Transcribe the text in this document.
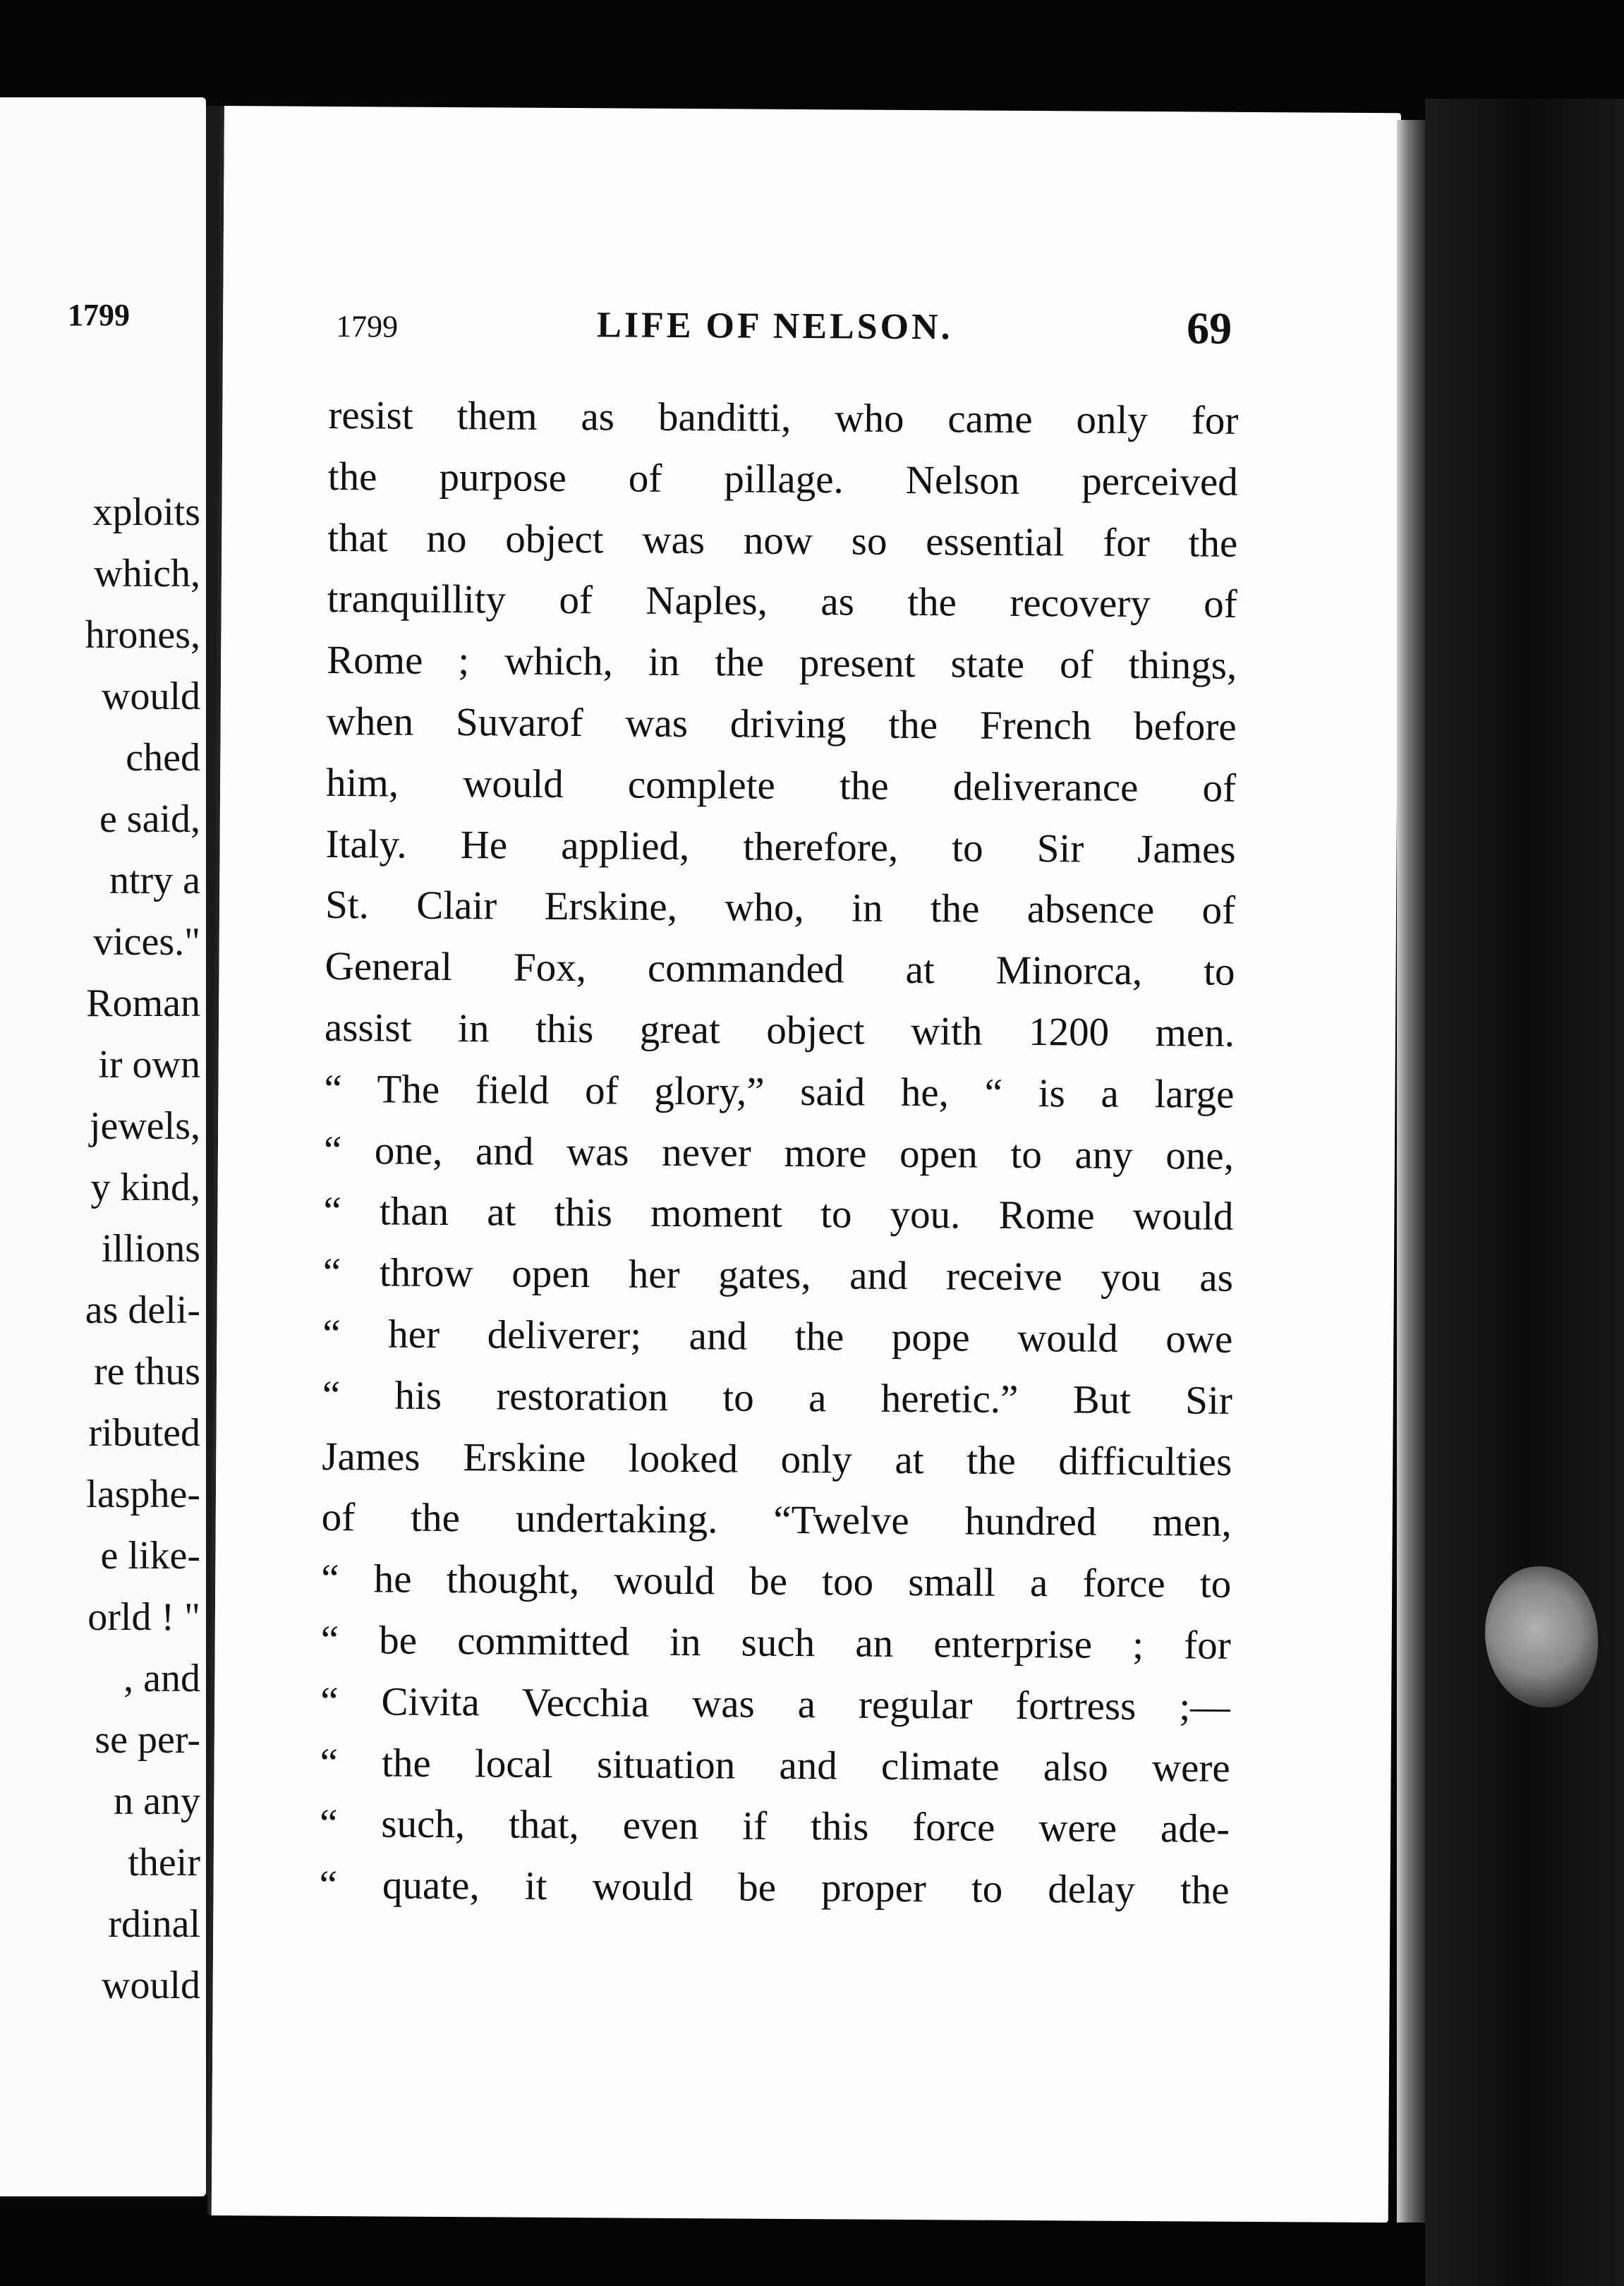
1799

xploits
which,
hrones,
would
ched
e said,
ntry a
vices."
Roman
ir own
jewels,
y kind,
illions
as deli-
re thus
ributed
lasphe-
e like-
orld ! "
, and
se per-
n any
their
rdinal
would
1799	LIFE OF NELSON.	69
resist them as banditti, who came only for
the purpose of pillage. Nelson perceived
that no object was now so essential for the
tranquillity of Naples, as the recovery of
Rome ; which, in the present state of things,
when Suvarof was driving the French before
him, would complete the deliverance of
Italy. He applied, therefore, to Sir James
St. Clair Erskine, who, in the absence of
General Fox, commanded at Minorca, to
assist in this great object with 1200 men.
“ The field of glory,” said he, “ is a large
“ one, and was never more open to any one,
“ than at this moment to you. Rome would
“ throw open her gates, and receive you as
“ her deliverer; and the pope would owe
“ his restoration to a heretic.” But Sir
James Erskine looked only at the difficulties
of the undertaking. “Twelve hundred men,
“ he thought, would be too small a force to
“ be committed in such an enterprise ; for
“ Civita Vecchia was a regular fortress ;—
“ the local situation and climate also were
“ such, that, even if this force were ade-
“ quate, it would be proper to delay the
